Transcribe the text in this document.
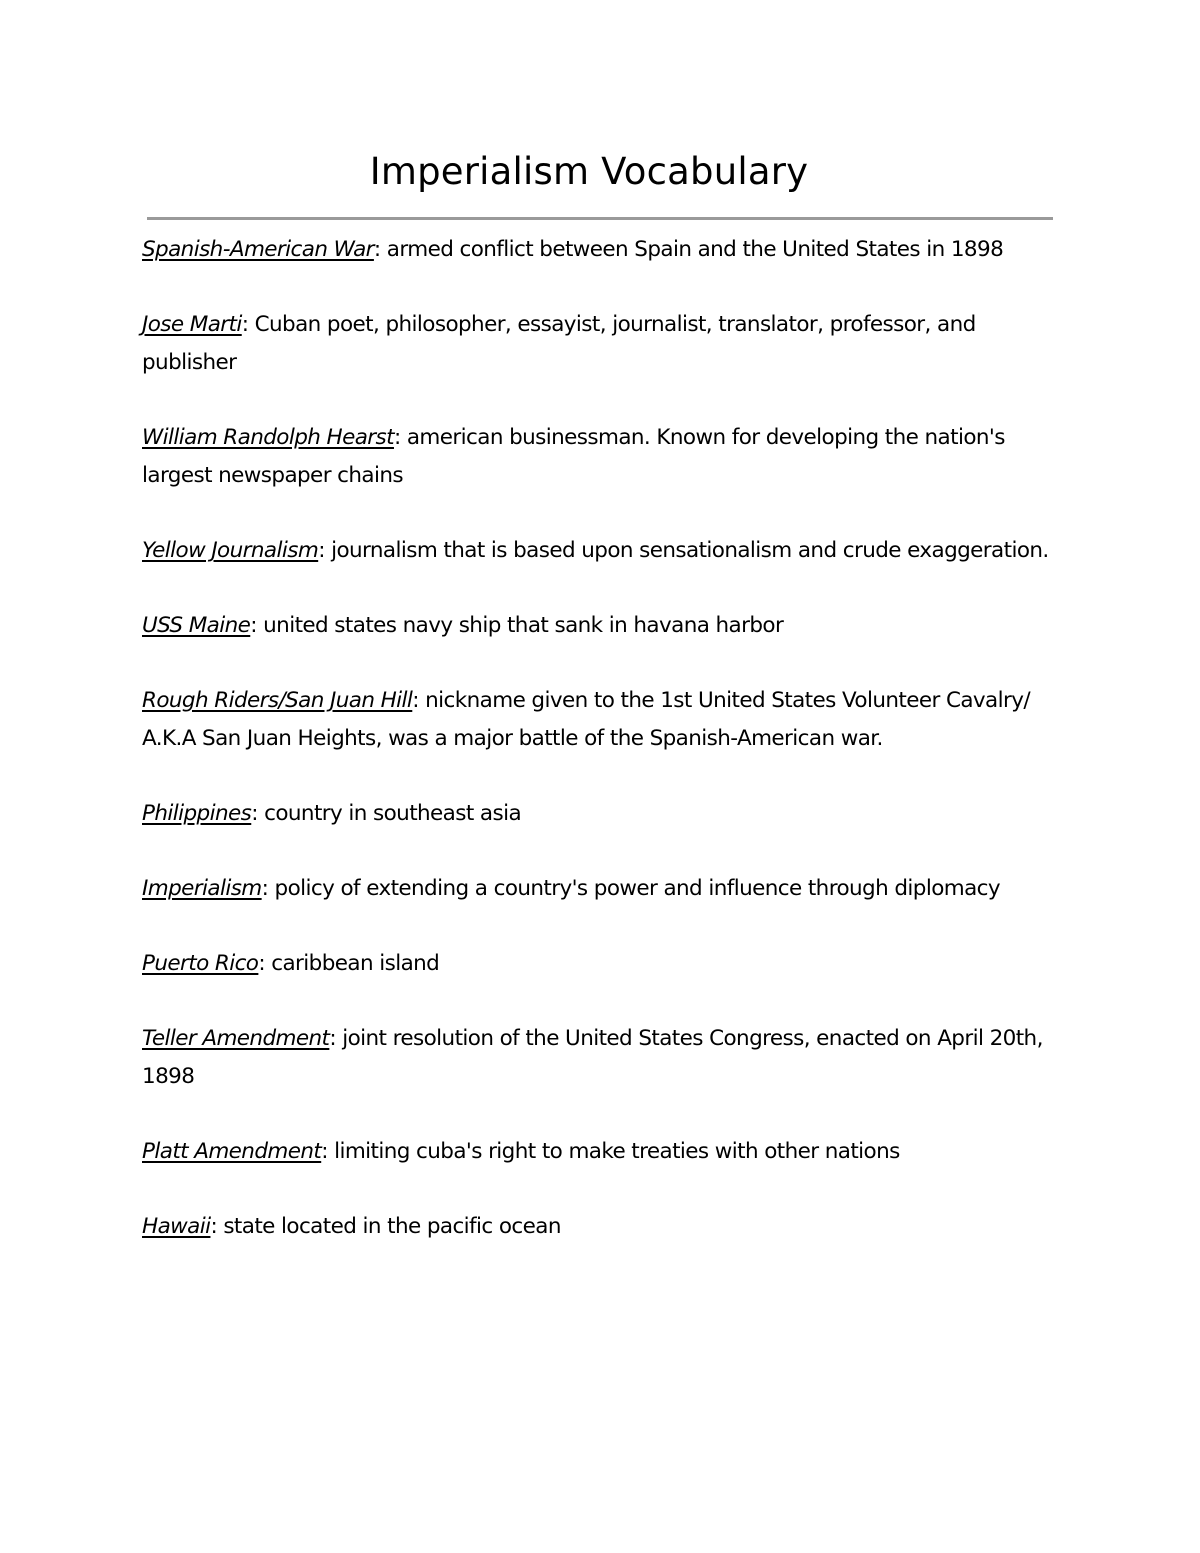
Imperialism Vocabulary
Spanish-American War: armed conflict between Spain and the United States in 1898
Jose Marti: Cuban poet, philosopher, essayist, journalist, translator, professor, and publisher
William Randolph Hearst: american businessman. Known for developing the nation's largest newspaper chains
Yellow Journalism: journalism that is based upon sensationalism and crude exaggeration.
USS Maine: united states navy ship that sank in havana harbor
Rough Riders/San Juan Hill: nickname given to the 1st United States Volunteer Cavalry/ A.K.A San Juan Heights, was a major battle of the Spanish-American war.
Philippines: country in southeast asia
Imperialism: policy of extending a country's power and influence through diplomacy
Puerto Rico: caribbean island
Teller Amendment: joint resolution of the United States Congress, enacted on April 20th, 1898
Platt Amendment: limiting cuba's right to make treaties with other nations
Hawaii: state located in the pacific ocean
